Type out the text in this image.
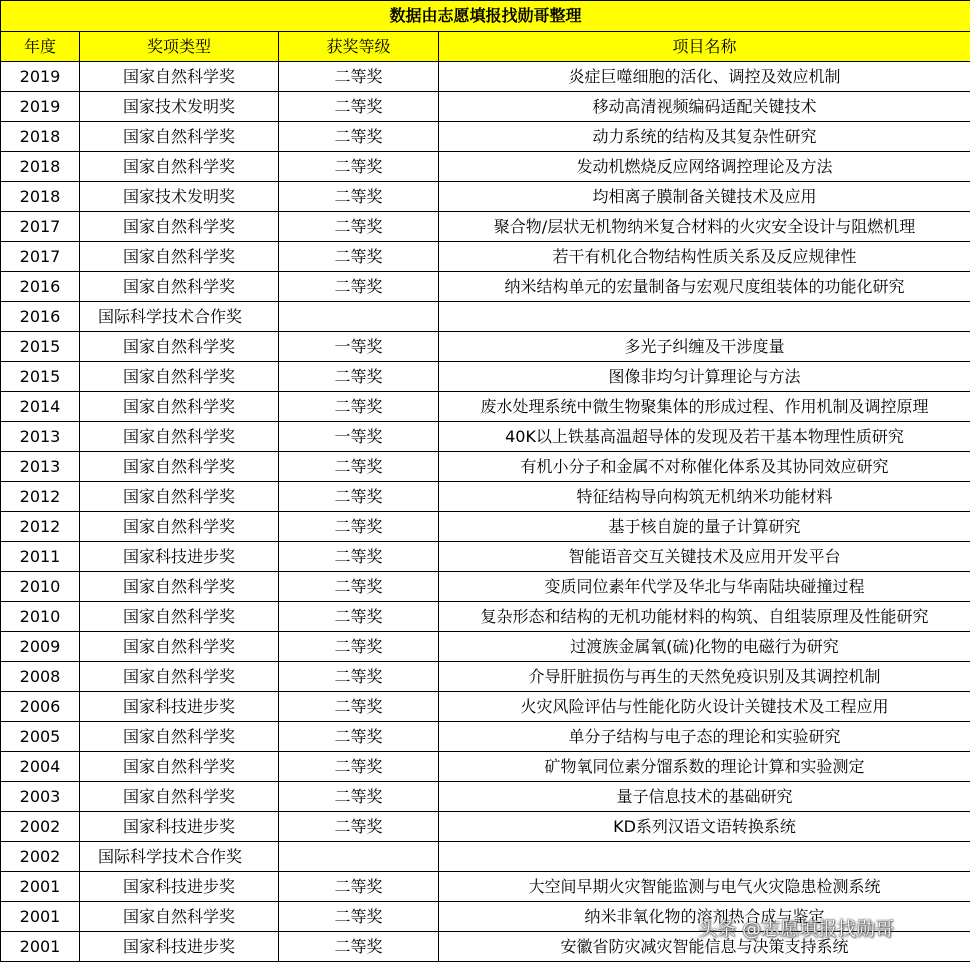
数据由志愿填报找勋哥整理			
年度	奖项类型	获奖等级	项目名称
2019	国家自然科学奖	二等奖	炎症巨噬细胞的活化、调控及效应机制
2019	国家技术发明奖	二等奖	移动高清视频编码适配关键技术
2018	国家自然科学奖	二等奖	动力系统的结构及其复杂性研究
2018	国家自然科学奖	二等奖	发动机燃烧反应网络调控理论及方法
2018	国家技术发明奖	二等奖	均相离子膜制备关键技术及应用
2017	国家自然科学奖	二等奖	聚合物/层状无机物纳米复合材料的火灾安全设计与阻燃机理
2017	国家自然科学奖	二等奖	若干有机化合物结构性质关系及反应规律性
2016	国家自然科学奖	二等奖	纳米结构单元的宏量制备与宏观尺度组装体的功能化研究
2016	国际科学技术合作奖		
2015	国家自然科学奖	一等奖	多光子纠缠及干涉度量
2015	国家自然科学奖	二等奖	图像非均匀计算理论与方法
2014	国家自然科学奖	二等奖	废水处理系统中微生物聚集体的形成过程、作用机制及调控原理
2013	国家自然科学奖	一等奖	40K以上铁基高温超导体的发现及若干基本物理性质研究
2013	国家自然科学奖	二等奖	有机小分子和金属不对称催化体系及其协同效应研究
2012	国家自然科学奖	二等奖	特征结构导向构筑无机纳米功能材料
2012	国家自然科学奖	二等奖	基于核自旋的量子计算研究
2011	国家科技进步奖	二等奖	智能语音交互关键技术及应用开发平台
2010	国家自然科学奖	二等奖	变质同位素年代学及华北与华南陆块碰撞过程
2010	国家自然科学奖	二等奖	复杂形态和结构的无机功能材料的构筑、自组装原理及性能研究
2009	国家自然科学奖	二等奖	过渡族金属氧(硫)化物的电磁行为研究
2008	国家自然科学奖	二等奖	介导肝脏损伤与再生的天然免疫识别及其调控机制
2006	国家科技进步奖	二等奖	火灾风险评估与性能化防火设计关键技术及工程应用
2005	国家自然科学奖	二等奖	单分子结构与电子态的理论和实验研究
2004	国家自然科学奖	二等奖	矿物氧同位素分馏系数的理论计算和实验测定
2003	国家自然科学奖	二等奖	量子信息技术的基础研究
2002	国家科技进步奖	二等奖	KD系列汉语文语转换系统
2002	国际科学技术合作奖		
2001	国家科技进步奖	二等奖	大空间早期火灾智能监测与电气火灾隐患检测系统
2001	国家自然科学奖	二等奖	纳米非氧化物的溶剂热合成与鉴定
2001	国家科技进步奖	二等奖	安徽省防灾减灾智能信息与决策支持系统
头条 @志愿填报找勋哥
